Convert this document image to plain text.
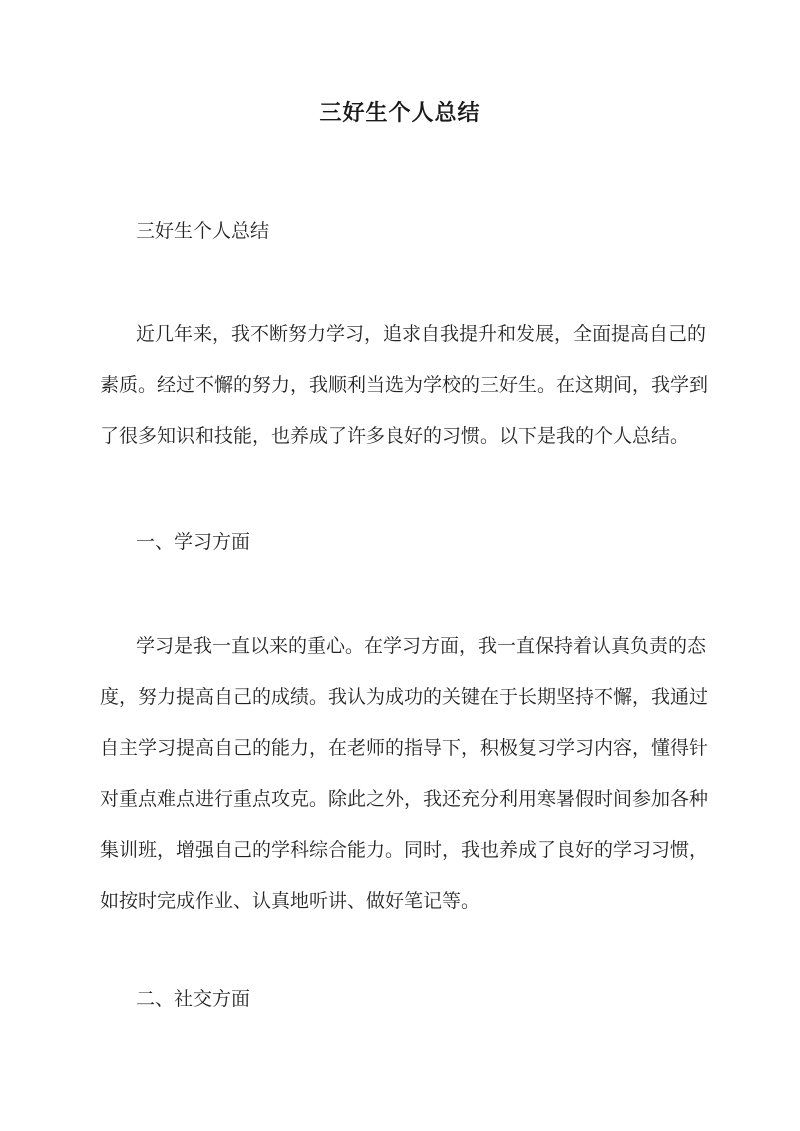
三好生个人总结
三好生个人总结
近几年来，我不断努力学习，追求自我提升和发展，全面提高自己的
素质。经过不懈的努力，我顺利当选为学校的三好生。在这期间，我学到
了很多知识和技能，也养成了许多良好的习惯。以下是我的个人总结。
一、学习方面
学习是我一直以来的重心。在学习方面，我一直保持着认真负责的态
度，努力提高自己的成绩。我认为成功的关键在于长期坚持不懈，我通过
自主学习提高自己的能力，在老师的指导下，积极复习学习内容，懂得针
对重点难点进行重点攻克。除此之外，我还充分利用寒暑假时间参加各种
集训班，增强自己的学科综合能力。同时，我也养成了良好的学习习惯，
如按时完成作业、认真地听讲、做好笔记等。
二、社交方面
